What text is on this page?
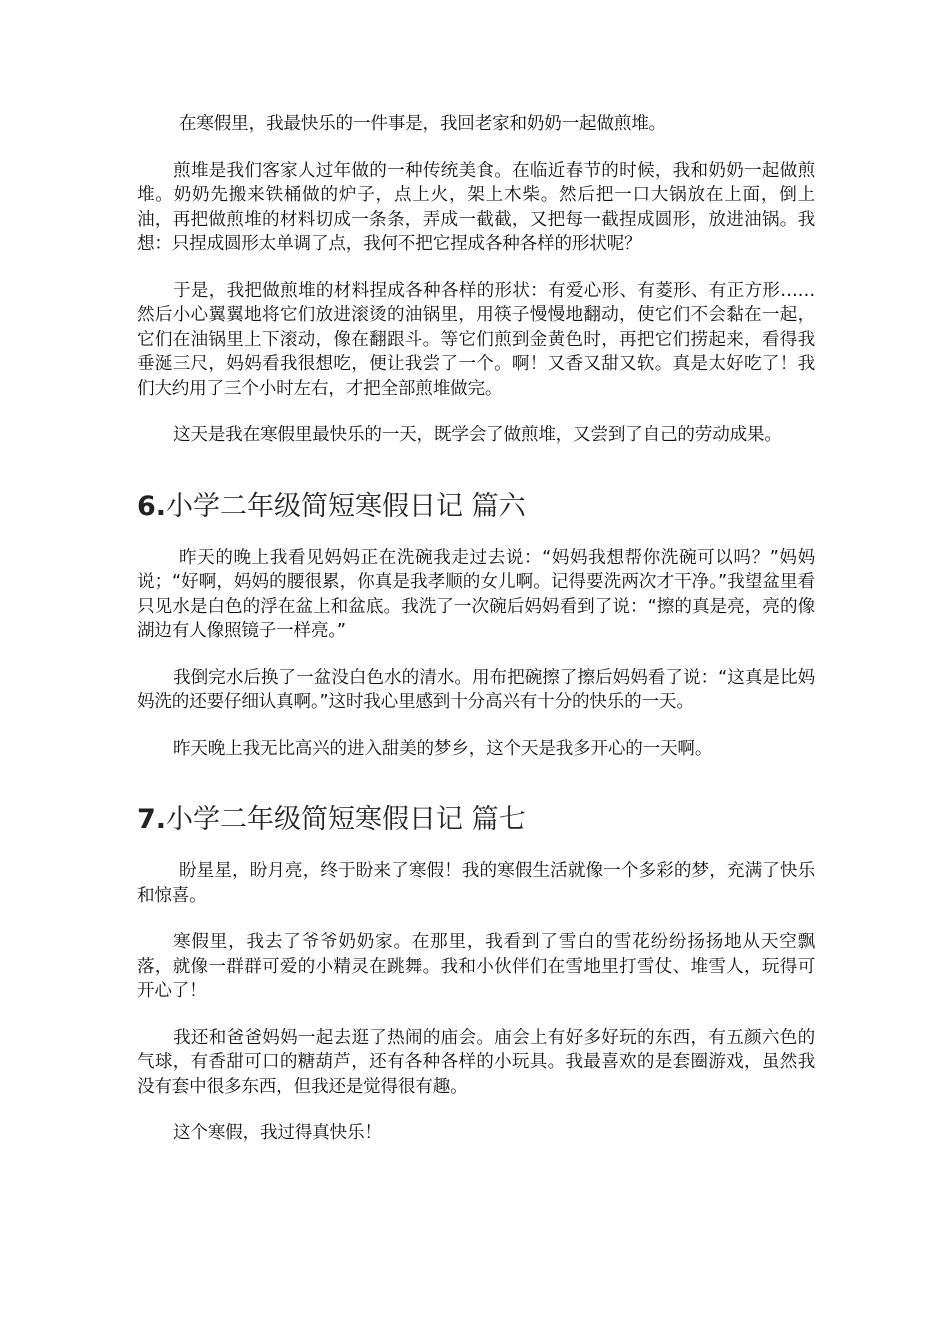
在寒假里，我最快乐的一件事是，我回老家和奶奶一起做煎堆。

煎堆是我们客家人过年做的一种传统美食。在临近春节的时候，我和奶奶一起做煎堆。奶奶先搬来铁桶做的炉子，点上火，架上木柴。然后把一口大锅放在上面，倒上油，再把做煎堆的材料切成一条条，弄成一截截，又把每一截捏成圆形，放进油锅。我想：只捏成圆形太单调了点，我何不把它捏成各种各样的形状呢？

于是，我把做煎堆的材料捏成各种各样的形状：有爱心形、有菱形、有正方形……然后小心翼翼地将它们放进滚烫的油锅里，用筷子慢慢地翻动，使它们不会黏在一起，它们在油锅里上下滚动，像在翻跟斗。等它们煎到金黄色时，再把它们捞起来，看得我垂涎三尺，妈妈看我很想吃，便让我尝了一个。啊！又香又甜又软。真是太好吃了！我们大约用了三个小时左右，才把全部煎堆做完。

这天是我在寒假里最快乐的一天，既学会了做煎堆，又尝到了自己的劳动成果。

6.小学二年级简短寒假日记 篇六

昨天的晚上我看见妈妈正在洗碗我走过去说：“妈妈我想帮你洗碗可以吗？”妈妈说；“好啊，妈妈的腰很累，你真是我孝顺的女儿啊。记得要洗两次才干净。”我望盆里看只见水是白色的浮在盆上和盆底。我洗了一次碗后妈妈看到了说：“擦的真是亮，亮的像湖边有人像照镜子一样亮。”

我倒完水后换了一盆没白色水的清水。用布把碗擦了擦后妈妈看了说：“这真是比妈妈洗的还要仔细认真啊。”这时我心里感到十分高兴有十分的快乐的一天。

昨天晚上我无比高兴的进入甜美的梦乡，这个天是我多开心的一天啊。

7.小学二年级简短寒假日记 篇七

盼星星，盼月亮，终于盼来了寒假！我的寒假生活就像一个多彩的梦，充满了快乐和惊喜。

寒假里，我去了爷爷奶奶家。在那里，我看到了雪白的雪花纷纷扬扬地从天空飘落，就像一群群可爱的小精灵在跳舞。我和小伙伴们在雪地里打雪仗、堆雪人，玩得可开心了！

我还和爸爸妈妈一起去逛了热闹的庙会。庙会上有好多好玩的东西，有五颜六色的气球，有香甜可口的糖葫芦，还有各种各样的小玩具。我最喜欢的是套圈游戏，虽然我没有套中很多东西，但我还是觉得很有趣。

这个寒假，我过得真快乐！
